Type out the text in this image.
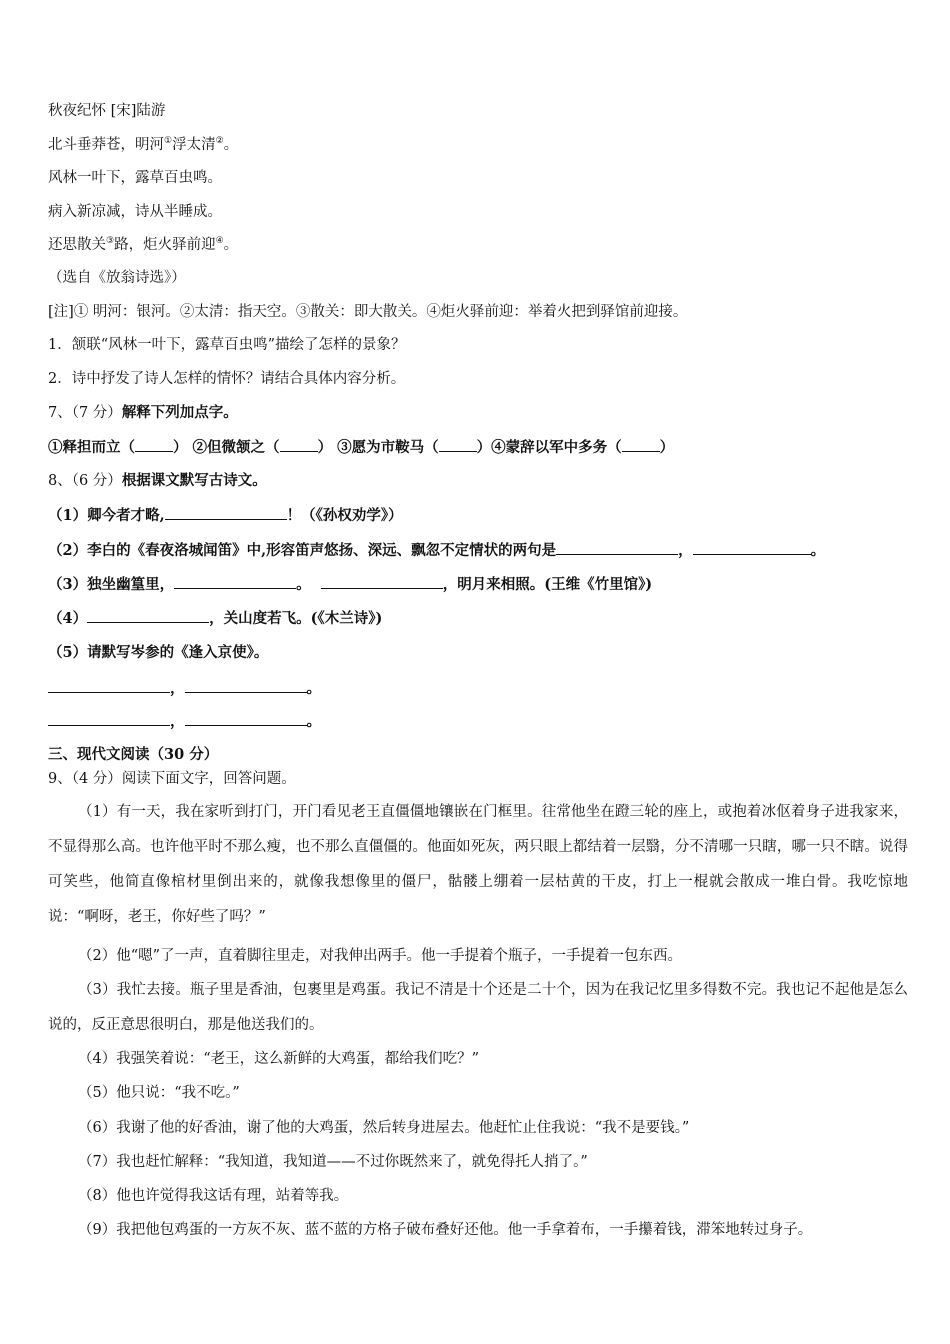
秋夜纪怀 [宋]陆游
北斗垂莽苍，明河①浮太清②。
风林一叶下，露草百虫鸣。
病入新凉减，诗从半睡成。
还思散关③路，炬火驿前迎④。
（选自《放翁诗选》）
[注]① 明河：银河。②太清：指天空。③散关：即大散关。④炬火驿前迎：举着火把到驿馆前迎接。
1．颔联“风林一叶下，露草百虫鸣”描绘了怎样的景象？
2．诗中抒发了诗人怎样的情怀？请结合具体内容分析。
7、（7 分）解释下列加点字。
①释担而立（	） ②但微颔之（	） ③愿为市鞍马（	）④蒙辞以军中多务（	）
8、（6 分）根据课文默写古诗文。
（1）卿今者才略,	！（《孙权劝学》）
（2）李白的《春夜洛城闻笛》中,形容笛声悠扬、深远、飘忽不定情状的两句是	，	。
（3）独坐幽篁里，	。	，明月来相照。(王维《竹里馆》)
（4）	，关山度若飞。(《木兰诗》)
（5）请默写岑参的《逢入京使》。
，	。
，	。
三、现代文阅读（30 分）
9、（4 分）阅读下面文字，回答问题。
（1）有一天，我在家听到打门，开门看见老王直僵僵地镶嵌在门框里。往常他坐在蹬三轮的座上，或抱着冰伛着身子进我家来，不显得那么高。也许他平时不那么瘦，也不那么直僵僵的。他面如死灰，两只眼上都结着一层翳，分不清哪一只瞎，哪一只不瞎。说得可笑些，他简直像棺材里倒出来的，就像我想像里的僵尸，骷髅上绷着一层枯黄的干皮，打上一棍就会散成一堆白骨。我吃惊地说：“啊呀，老王，你好些了吗？”
（2）他“嗯”了一声，直着脚往里走，对我伸出两手。他一手提着个瓶子，一手提着一包东西。
（3）我忙去接。瓶子里是香油，包裹里是鸡蛋。我记不清是十个还是二十个，因为在我记忆里多得数不完。我也记不起他是怎么说的，反正意思很明白，那是他送我们的。
（4）我强笑着说：“老王，这么新鲜的大鸡蛋，都给我们吃？”
（5）他只说：“我不吃。”
（6）我谢了他的好香油，谢了他的大鸡蛋，然后转身进屋去。他赶忙止住我说：“我不是要钱。”
（7）我也赶忙解释：“我知道，我知道——不过你既然来了，就免得托人捎了。”
（8）他也许觉得我这话有理，站着等我。
（9）我把他包鸡蛋的一方灰不灰、蓝不蓝的方格子破布叠好还他。他一手拿着布，一手攥着钱，滞笨地转过身子。
